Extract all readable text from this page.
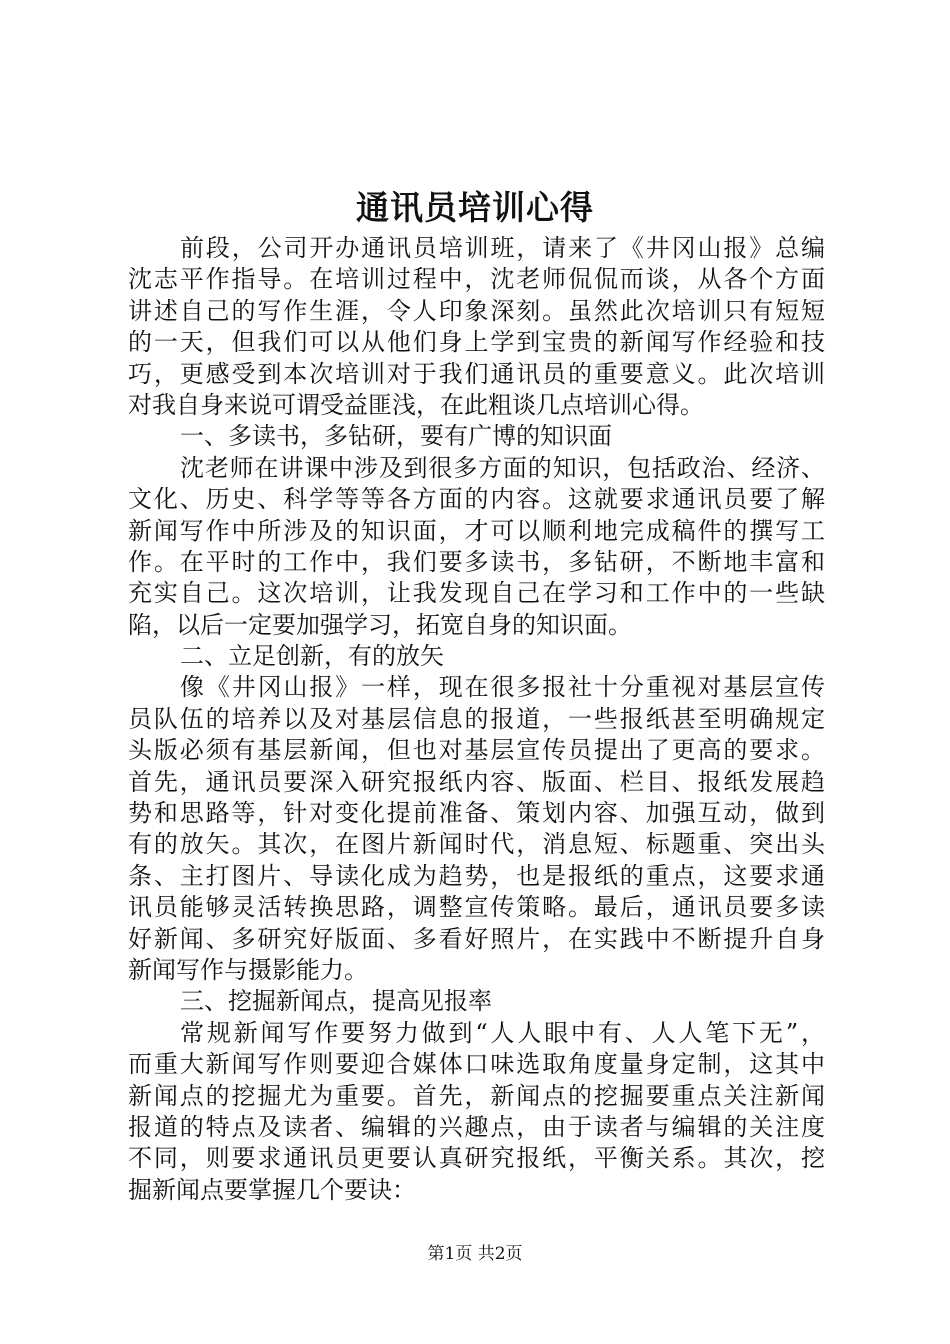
通讯员培训心得
前段，公司开办通讯员培训班，请来了《井冈山报》总编
沈志平作指导。在培训过程中，沈老师侃侃而谈，从各个方面
讲述自己的写作生涯，令人印象深刻。虽然此次培训只有短短
的一天，但我们可以从他们身上学到宝贵的新闻写作经验和技
巧，更感受到本次培训对于我们通讯员的重要意义。此次培训
对我自身来说可谓受益匪浅，在此粗谈几点培训心得。
一、多读书，多钻研，要有广博的知识面
沈老师在讲课中涉及到很多方面的知识，包括政治、经济、
文化、历史、科学等等各方面的内容。这就要求通讯员要了解
新闻写作中所涉及的知识面，才可以顺利地完成稿件的撰写工
作。在平时的工作中，我们要多读书，多钻研，不断地丰富和
充实自己。这次培训，让我发现自己在学习和工作中的一些缺
陷，以后一定要加强学习，拓宽自身的知识面。
二、立足创新，有的放矢
像《井冈山报》一样，现在很多报社十分重视对基层宣传
员队伍的培养以及对基层信息的报道，一些报纸甚至明确规定
头版必须有基层新闻，但也对基层宣传员提出了更高的要求。
首先，通讯员要深入研究报纸内容、版面、栏目、报纸发展趋
势和思路等，针对变化提前准备、策划内容、加强互动，做到
有的放矢。其次，在图片新闻时代，消息短、标题重、突出头
条、主打图片、导读化成为趋势，也是报纸的重点，这要求通
讯员能够灵活转换思路，调整宣传策略。最后，通讯员要多读
好新闻、多研究好版面、多看好照片，在实践中不断提升自身
新闻写作与摄影能力。
三、挖掘新闻点，提高见报率
常规新闻写作要努力做到“人人眼中有、人人笔下无”，
而重大新闻写作则要迎合媒体口味选取角度量身定制，这其中
新闻点的挖掘尤为重要。首先，新闻点的挖掘要重点关注新闻
报道的特点及读者、编辑的兴趣点，由于读者与编辑的关注度
不同，则要求通讯员更要认真研究报纸，平衡关系。其次，挖
掘新闻点要掌握几个要诀：
第1页 共2页
